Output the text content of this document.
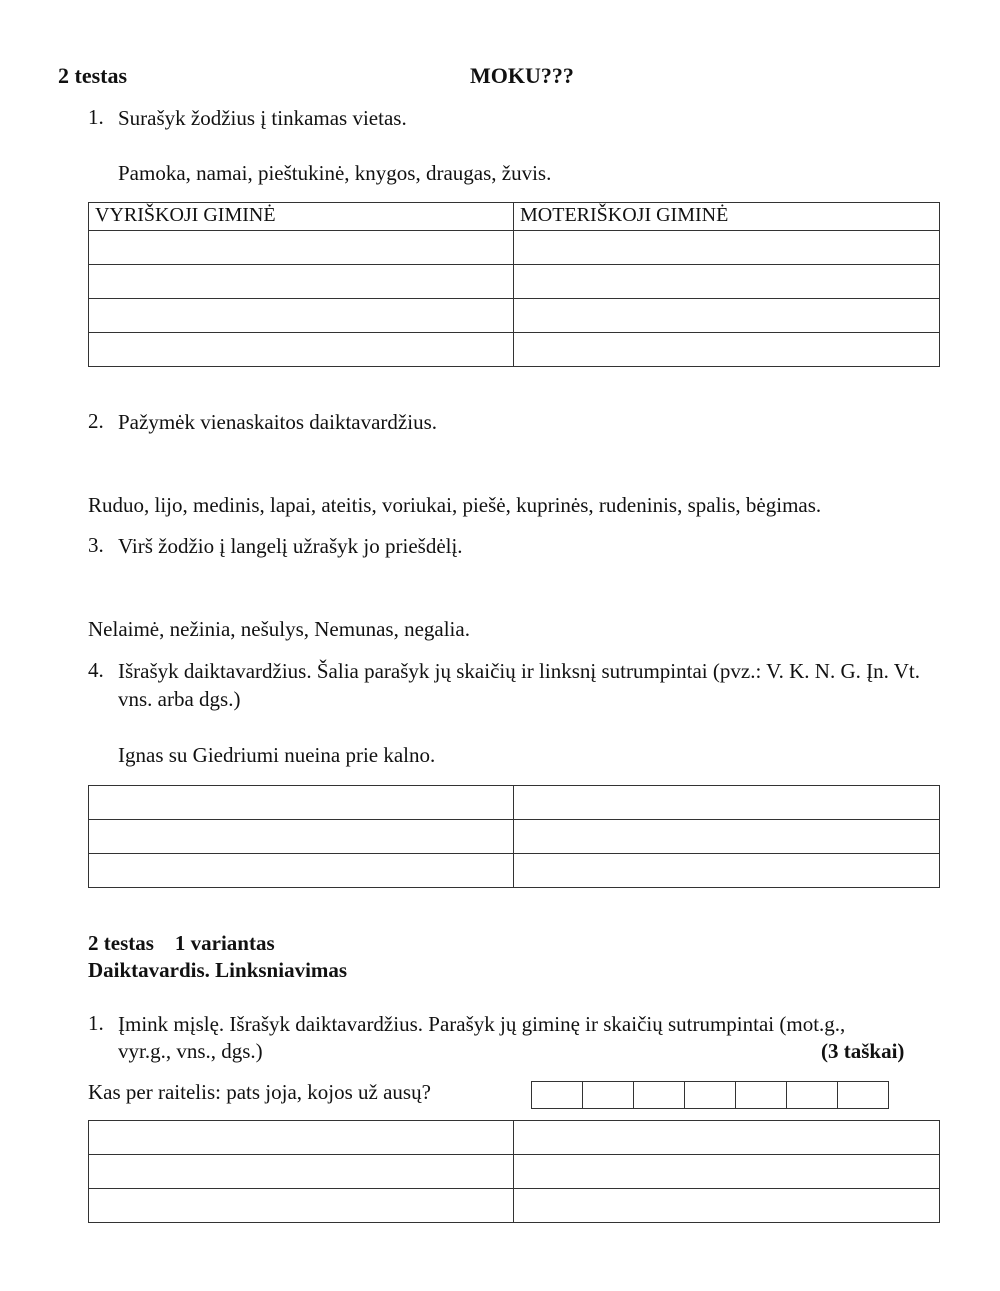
2 testas	MOKU???
1. Surašyk žodžius į tinkamas vietas.
Pamoka, namai, pieštukinė, knygos, draugas, žuvis.
VYRIŠKOJI GIMINĖ	MOTERIŠKOJI GIMINĖ

2. Pažymėk vienaskaitos daiktavardžius.
Ruduo, lijo, medinis, lapai, ateitis, voriukai, piešė, kuprinės, rudeninis, spalis, bėgimas.
3. Virš žodžio į langelį užrašyk jo priešdėlį.
Nelaimė, nežinia, nešulys, Nemunas, negalia.
4. Išrašyk daiktavardžius. Šalia parašyk jų skaičių ir linksnį sutrumpintai (pvz.: V. K. N. G. Įn. Vt. vns. arba dgs.)
Ignas su Giedriumi nueina prie kalno.

2 testas    1 variantas
Daiktavardis. Linksniavimas
1. Įmink mįslę. Išrašyk daiktavardžius. Parašyk jų giminę ir skaičių sutrumpintai (mot.g.,
vyr.g., vns., dgs.)	(3 taškai)
Kas per raitelis: pats joja, kojos už ausų?
